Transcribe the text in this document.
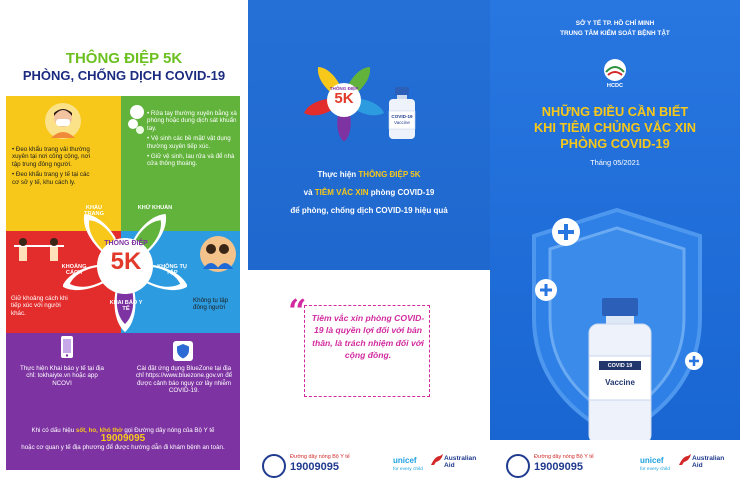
THÔNG ĐIỆP 5K
PHÒNG, CHỐNG DỊCH COVID-19
• Đeo khẩu trang vải thường xuyên tại nơi công cộng, nơi tập trung đông người.
• Đeo khẩu trang y tế tại các cơ sở y tế, khu cách ly.
• Rửa tay thường xuyên bằng xà phòng hoặc dung dịch sát khuẩn tay.
• Vệ sinh các bề mặt/ vật dụng thường xuyên tiếp xúc.
• Giữ vệ sinh, lau rửa và để nhà cửa thông thoáng.
Giữ khoảng cách khi tiếp xúc với người khác.
Không tụ tập đông người
Thực hiện Khai báo y tế tại địa chỉ: tokhaiyte.vn hoặc app NCOVI
Cài đặt ứng dụng BlueZone tại địa chỉ https://www.bluezone.gov.vn để được cảnh báo nguy cơ lây nhiễm COVID-19.
THÔNG ĐIỆP
5K
KHẨU TRANG
KHỬ KHUẨN
KHOẢNG CÁCH
KHÔNG TỤ TẬP
KHAI BÁO Y TẾ
Khi có dấu hiệu sốt, ho, khó thở gọi Đường dây nóng của Bộ Y tế 19009095
hoặc cơ quan y tế địa phương để được hướng dẫn đi khám bệnh an toàn.
THÔNG ĐIỆP
5K
COVID-19
Vaccine
Thực hiện THÔNG ĐIỆP 5K
và TIÊM VẮC XIN phòng COVID-19
để phòng, chống dịch COVID-19 hiệu quả
“ Tiêm vắc xin phòng COVID-19 là quyền lợi đối với bản thân, là trách nhiệm đối với cộng đồng.
Đường dây nóng Bộ Y tế
19009095
unicef
for every child
Australian
Aid
SỞ Y TẾ TP. HỒ CHÍ MINH
TRUNG TÂM KIỂM SOÁT BỆNH TẬT
HCDC
NHỮNG ĐIỀU CẦN BIẾT
KHI TIÊM CHỦNG VẮC XIN
PHÒNG COVID-19
Tháng 05/2021
COVID 19
Vaccine
Đường dây nóng Bộ Y tế
19009095
unicef
for every child
Australian
Aid
